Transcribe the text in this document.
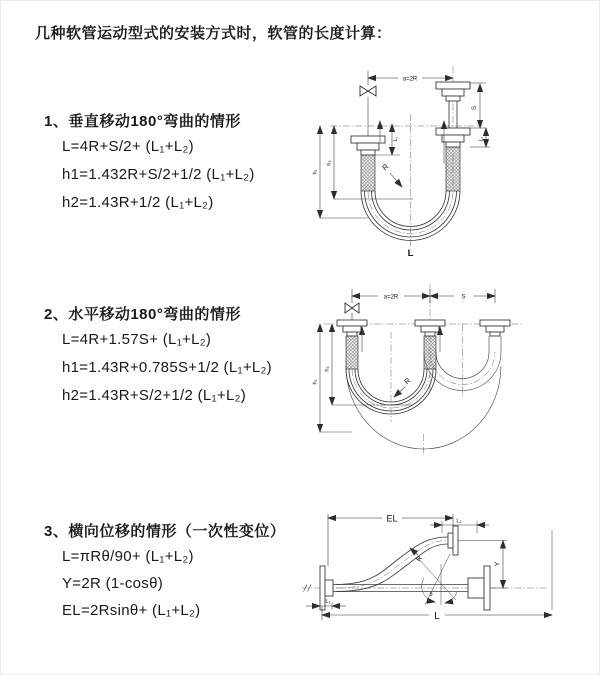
几种软管运动型式的安装方式时，软管的长度计算：
1、垂直移动180°弯曲的情形
L=4R+S/2+ (L₁+L₂)
h1=1.432R+S/2+1/2 (L₁+L₂)
h2=1.43R+1/2 (L₁+L₂)
2、水平移动180°弯曲的情形
L=4R+1.57S+ (L₁+L₂)
h1=1.43R+0.785S+1/2 (L₁+L₂)
h2=1.43R+S/2+1/2 (L₁+L₂)
3、横向位移的情形（一次性变位）
L=πRθ/90+ (L₁+L₂)
Y=2R (1-cosθ)
EL=2Rsinθ+ (L₁+L₂)
a=2R
S
L₂
h₁
h₂
L₁
R
L
a=2R	S
h₁
h₂
R
θ
EL	L₂
Y
L
L₁
R
